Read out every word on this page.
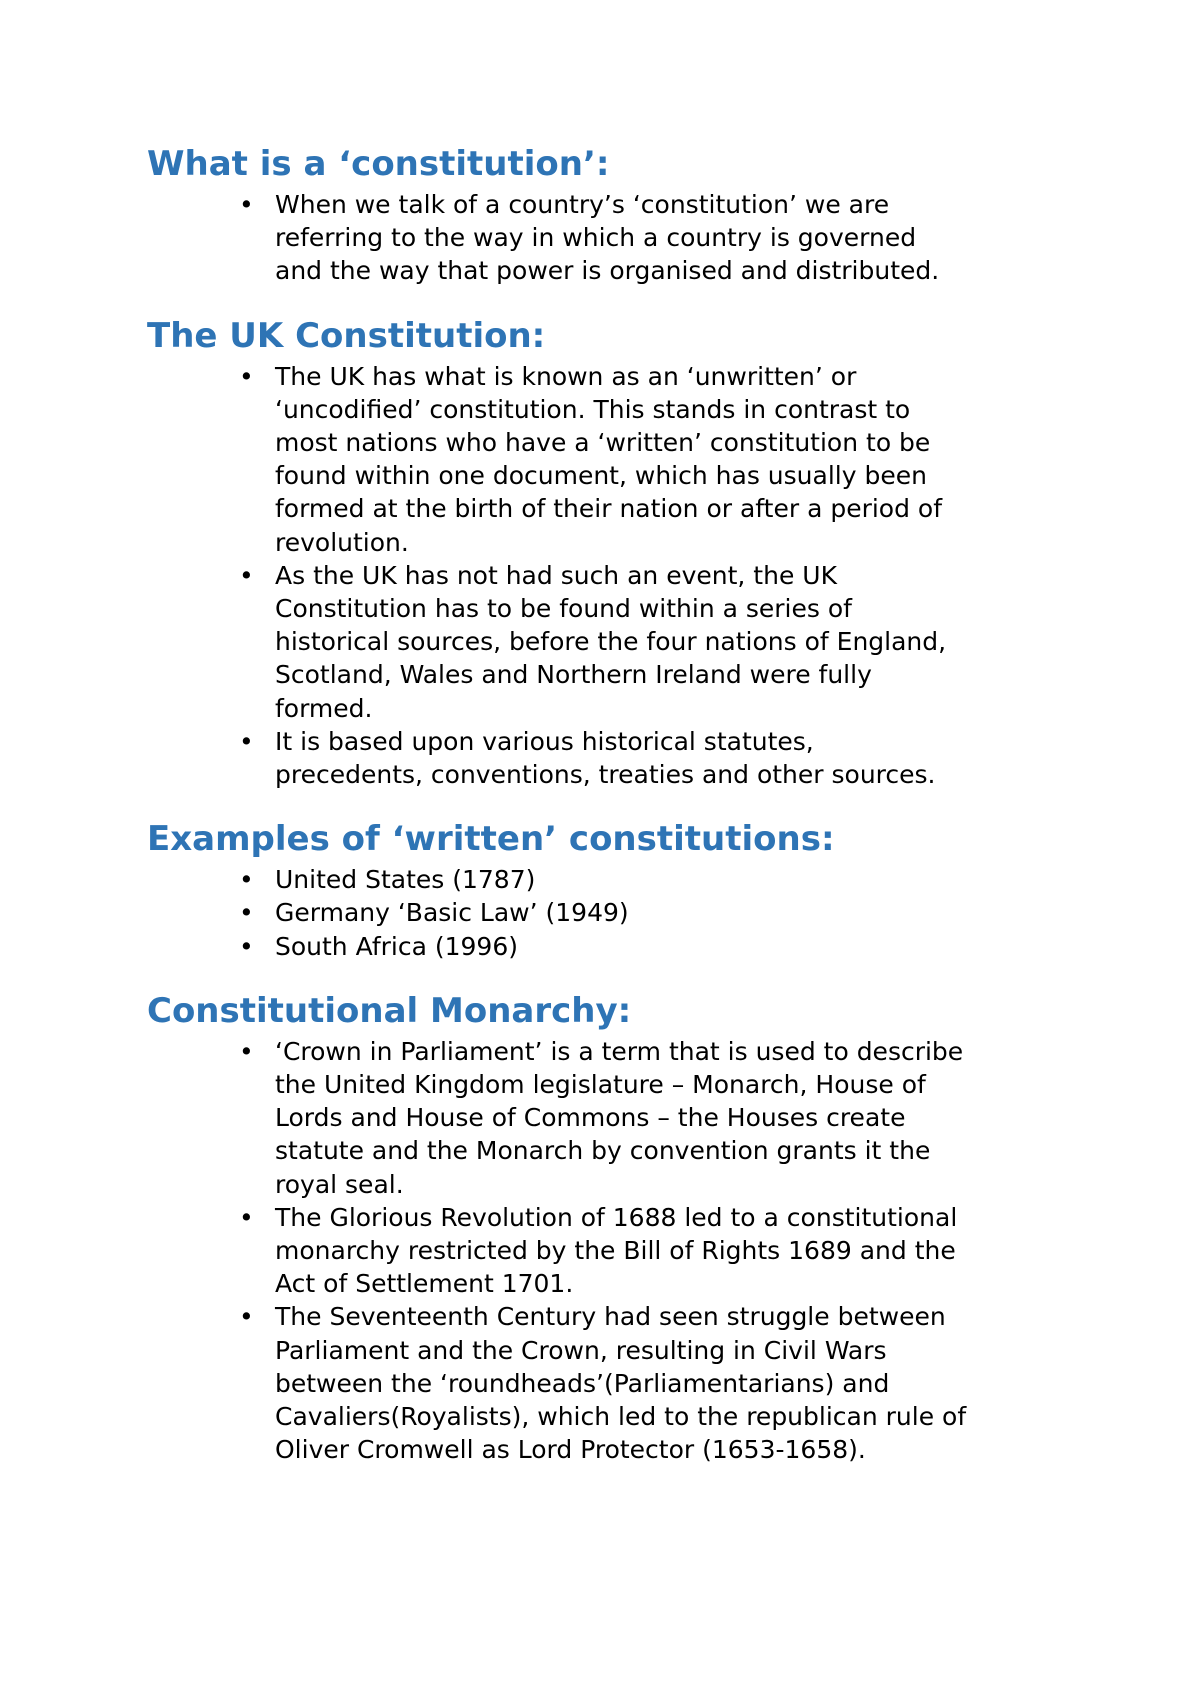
What is a ‘constitution’:
• When we talk of a country’s ‘constitution’ we are
referring to the way in which a country is governed
and the way that power is organised and distributed.
The UK Constitution:
• The UK has what is known as an ‘unwritten’ or
‘uncodified’ constitution. This stands in contrast to
most nations who have a ‘written’ constitution to be
found within one document, which has usually been
formed at the birth of their nation or after a period of
revolution.
• As the UK has not had such an event, the UK
Constitution has to be found within a series of
historical sources, before the four nations of England,
Scotland, Wales and Northern Ireland were fully
formed.
• It is based upon various historical statutes,
precedents, conventions, treaties and other sources.
Examples of ‘written’ constitutions:
• United States (1787)
• Germany ‘Basic Law’ (1949)
• South Africa (1996)
Constitutional Monarchy:
• ‘Crown in Parliament’ is a term that is used to describe
the United Kingdom legislature – Monarch, House of
Lords and House of Commons – the Houses create
statute and the Monarch by convention grants it the
royal seal.
• The Glorious Revolution of 1688 led to a constitutional
monarchy restricted by the Bill of Rights 1689 and the
Act of Settlement 1701.
• The Seventeenth Century had seen struggle between
Parliament and the Crown, resulting in Civil Wars
between the ‘roundheads’(Parliamentarians) and
Cavaliers(Royalists), which led to the republican rule of
Oliver Cromwell as Lord Protector (1653-1658).
